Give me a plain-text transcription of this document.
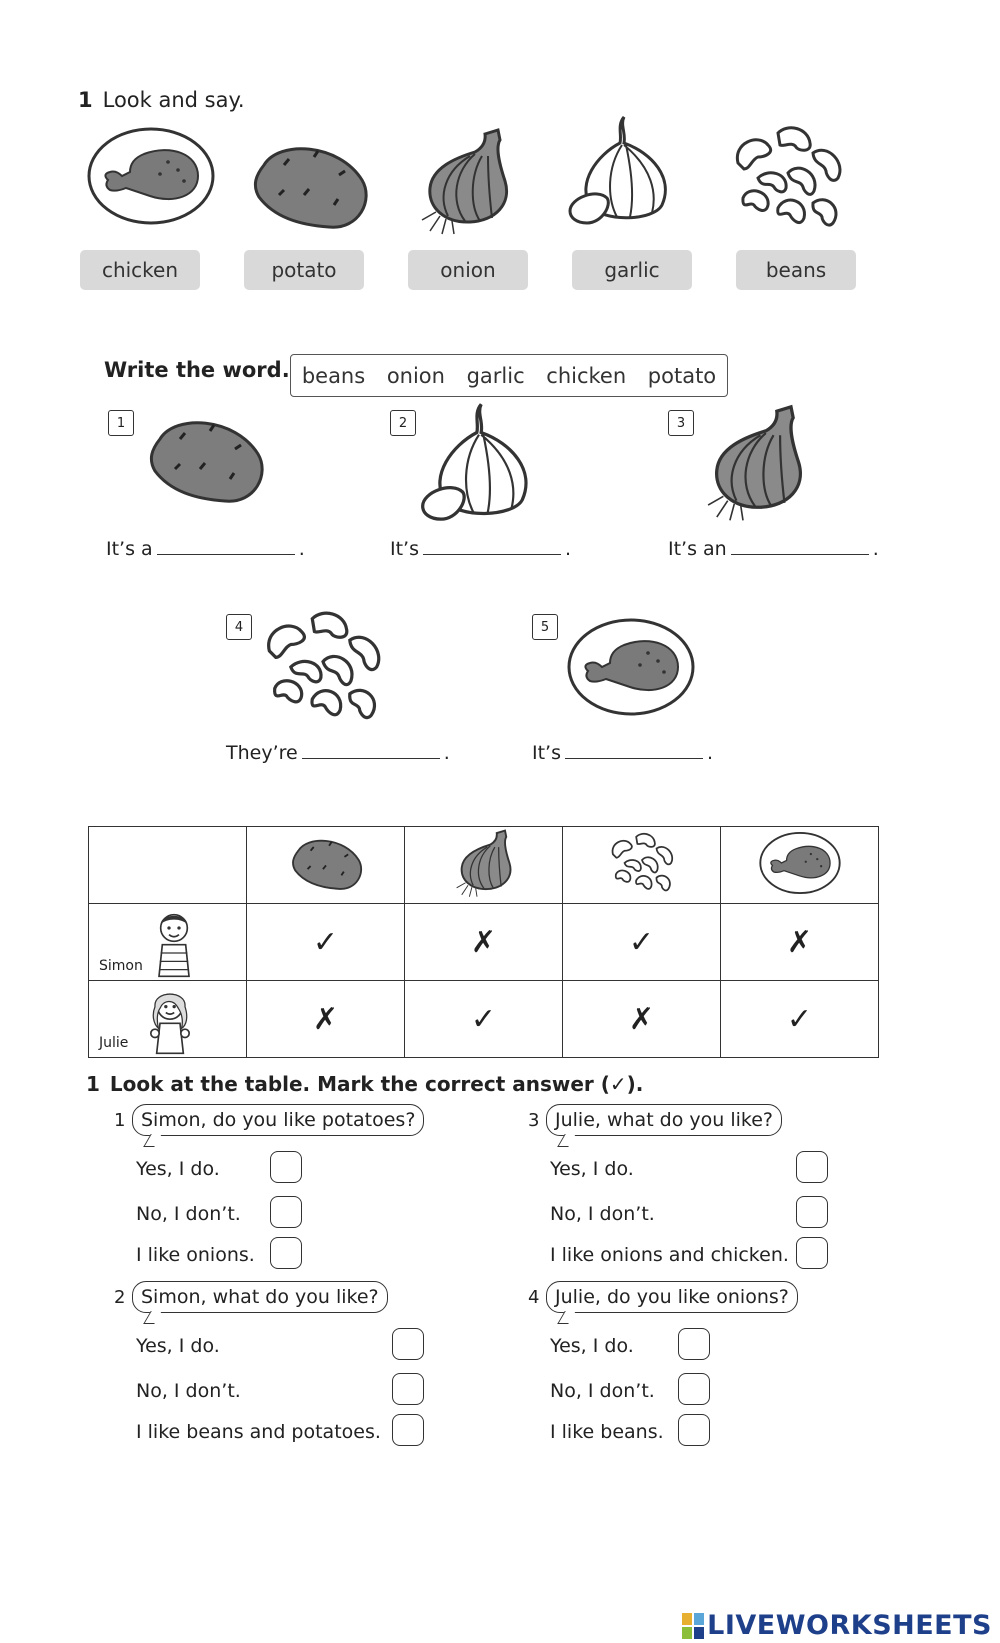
1 Look and say.
chicken	potato	onion	garlic	beans
Write the word. beans onion garlic chicken potato
1
It’s a	.
2
It’s	.
3
It’s an	.
4
They’re	.
5
It’s	.

Simon	✓	✗	✓	✗

Julie	✗	✓	✗	✓
1 Look at the table. Mark the correct answer (✓).
1 Simon, do you like potatoes?
Yes, I do.
No, I don’t.
I like onions.
2 Simon, what do you like?
Yes, I do.
No, I don’t.
I like beans and potatoes.
3 Julie, what do you like?
Yes, I do.
No, I don’t.
I like onions and chicken.
4 Julie, do you like onions?
Yes, I do.
No, I don’t.
I like beans.
LIVEWORKSHEETS
